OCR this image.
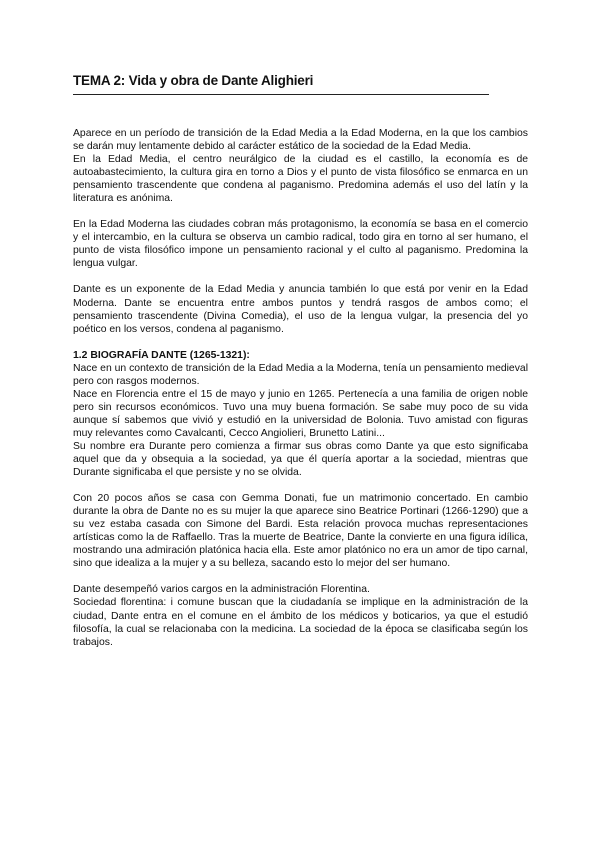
TEMA 2: Vida y obra de Dante Alighieri

Aparece en un período de transición de la Edad Media a la Edad Moderna, en la que los cambios se darán muy lentamente debido al carácter estático de la sociedad de la Edad Media.

En la Edad Media, el centro neurálgico de la ciudad es el castillo, la economía es de autoabastecimiento, la cultura gira en torno a Dios y el punto de vista filosófico se enmarca en un pensamiento trascendente que condena al paganismo. Predomina además el uso del latín y la literatura es anónima.

En la Edad Moderna las ciudades cobran más protagonismo, la economía se basa en el comercio y el intercambio, en la cultura se observa un cambio radical, todo gira en torno al ser humano, el punto de vista filosófico impone un pensamiento racional y el culto al paganismo. Predomina la lengua vulgar.

Dante es un exponente de la Edad Media y anuncia también lo que está por venir en la Edad Moderna. Dante se encuentra entre ambos puntos y tendrá rasgos de ambos como; el pensamiento trascendente (Divina Comedia), el uso de la lengua vulgar, la presencia del yo poético en los versos, condena al paganismo.

1.2 BIOGRAFÍA DANTE (1265-1321):

Nace en un contexto de transición de la Edad Media a la Moderna, tenía un pensamiento medieval pero con rasgos modernos.

Nace en Florencia entre el 15 de mayo y junio en 1265. Pertenecía a una familia de origen noble pero sin recursos económicos. Tuvo una muy buena formación. Se sabe muy poco de su vida aunque sí sabemos que vivió y estudió en la universidad de Bolonia. Tuvo amistad con figuras muy relevantes como Cavalcanti, Cecco Angiolieri, Brunetto Latini...

Su nombre era Durante pero comienza a firmar sus obras como Dante ya que esto significaba aquel que da y obsequia a la sociedad, ya que él quería aportar a la sociedad, mientras que Durante significaba el que persiste y no se olvida.

Con 20 pocos años se casa con Gemma Donati, fue un matrimonio concertado. En cambio durante la obra de Dante no es su mujer la que aparece sino Beatrice Portinari (1266-1290) que a su vez estaba casada con Simone del Bardi. Esta relación provoca muchas representaciones artísticas como la de Raffaello. Tras la muerte de Beatrice, Dante la convierte en una figura idílica, mostrando una admiración platónica hacia ella. Este amor platónico no era un amor de tipo carnal, sino que idealiza a la mujer y a su belleza, sacando esto lo mejor del ser humano.

Dante desempeñó varios cargos en la administración Florentina.

Sociedad florentina: i comune buscan que la ciudadanía se implique en la administración de la ciudad, Dante entra en el comune en el ámbito de los médicos y boticarios, ya que el estudió filosofía, la cual se relacionaba con la medicina. La sociedad de la época se clasificaba según los trabajos.
